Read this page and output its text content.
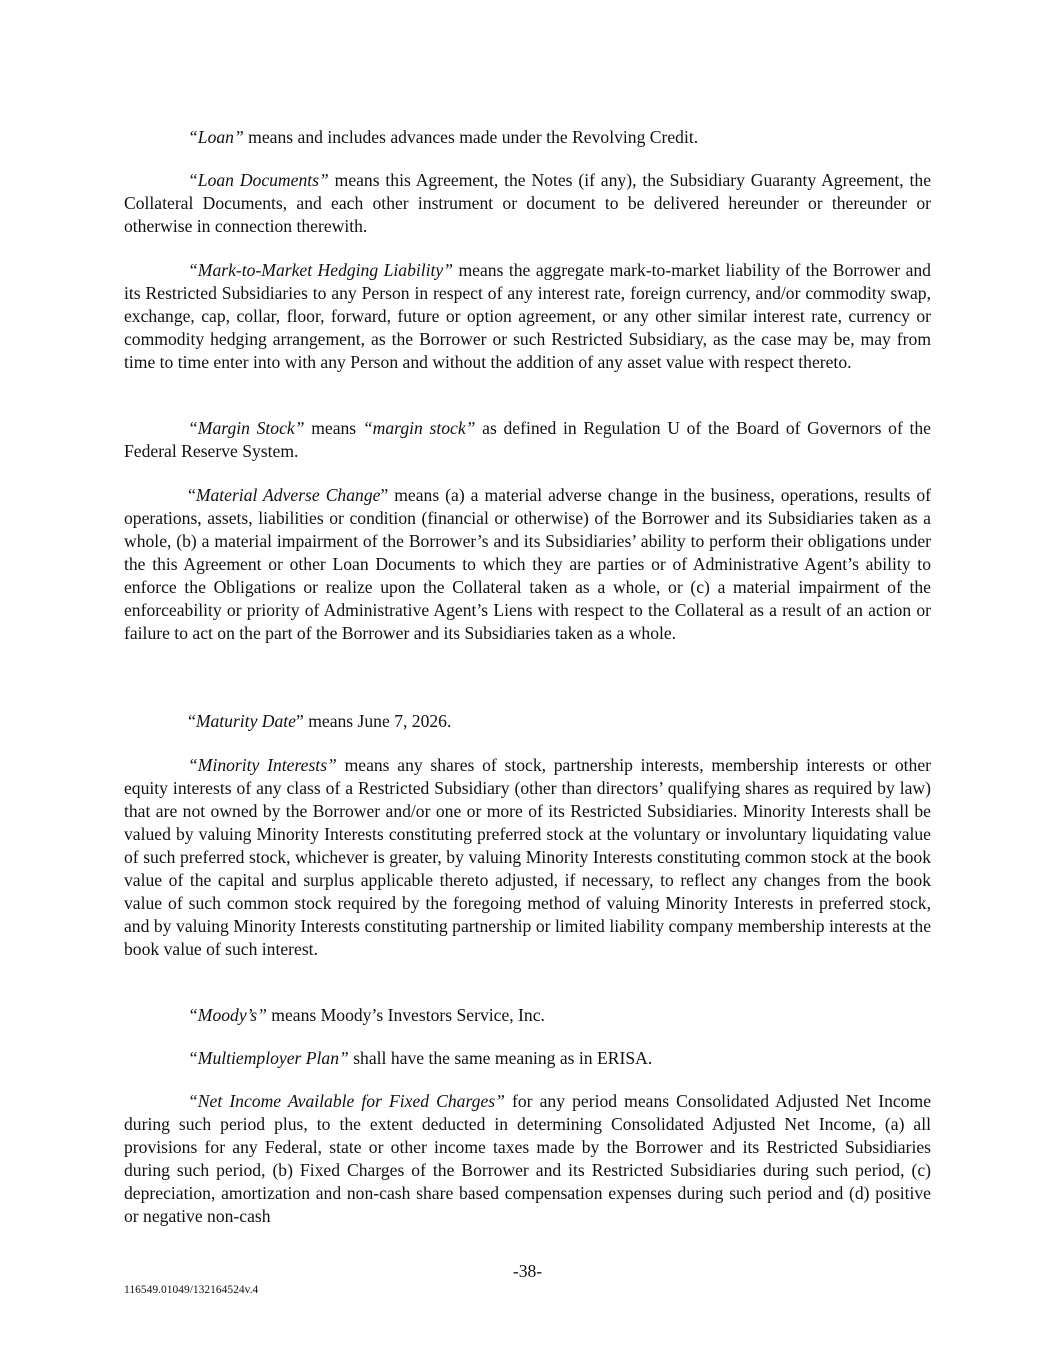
“Loan” means and includes advances made under the Revolving Credit.

“Loan Documents” means this Agreement, the Notes (if any), the Subsidiary Guaranty Agreement, the Collateral Documents, and each other instrument or document to be delivered hereunder or thereunder or otherwise in connection therewith.

“Mark-to-Market Hedging Liability” means the aggregate mark-to-market liability of the Borrower and its Restricted Subsidiaries to any Person in respect of any interest rate, foreign currency, and/or commodity swap, exchange, cap, collar, floor, forward, future or option agreement, or any other similar interest rate, currency or commodity hedging arrangement, as the Borrower or such Restricted Subsidiary, as the case may be, may from time to time enter into with any Person and without the addition of any asset value with respect thereto.

“Margin Stock” means “margin stock” as defined in Regulation U of the Board of Governors of the Federal Reserve System.

“Material Adverse Change” means (a) a material adverse change in the business, operations, results of operations, assets, liabilities or condition (financial or otherwise) of the Borrower and its Subsidiaries taken as a whole, (b) a material impairment of the Borrower’s and its Subsidiaries’ ability to perform their obligations under the this Agreement or other Loan Documents to which they are parties or of Administrative Agent’s ability to enforce the Obligations or realize upon the Collateral taken as a whole, or (c) a material impairment of the enforceability or priority of Administrative Agent’s Liens with respect to the Collateral as a result of an action or failure to act on the part of the Borrower and its Subsidiaries taken as a whole.

“Maturity Date” means June 7, 2026.

“Minority Interests” means any shares of stock, partnership interests, membership interests or other equity interests of any class of a Restricted Subsidiary (other than directors’ qualifying shares as required by law) that are not owned by the Borrower and/or one or more of its Restricted Subsidiaries. Minority Interests shall be valued by valuing Minority Interests constituting preferred stock at the voluntary or involuntary liquidating value of such preferred stock, whichever is greater, by valuing Minority Interests constituting common stock at the book value of the capital and surplus applicable thereto adjusted, if necessary, to reflect any changes from the book value of such common stock required by the foregoing method of valuing Minority Interests in preferred stock, and by valuing Minority Interests constituting partnership or limited liability company membership interests at the book value of such interest.

“Moody’s” means Moody’s Investors Service, Inc.

“Multiemployer Plan” shall have the same meaning as in ERISA.

“Net Income Available for Fixed Charges” for any period means Consolidated Adjusted Net Income during such period plus, to the extent deducted in determining Consolidated Adjusted Net Income, (a) all provisions for any Federal, state or other income taxes made by the Borrower and its Restricted Subsidiaries during such period, (b) Fixed Charges of the Borrower and its Restricted Subsidiaries during such period, (c) depreciation, amortization and non-cash share based compensation expenses during such period and (d) positive or negative non-cash

-38-
116549.01049/132164524v.4
